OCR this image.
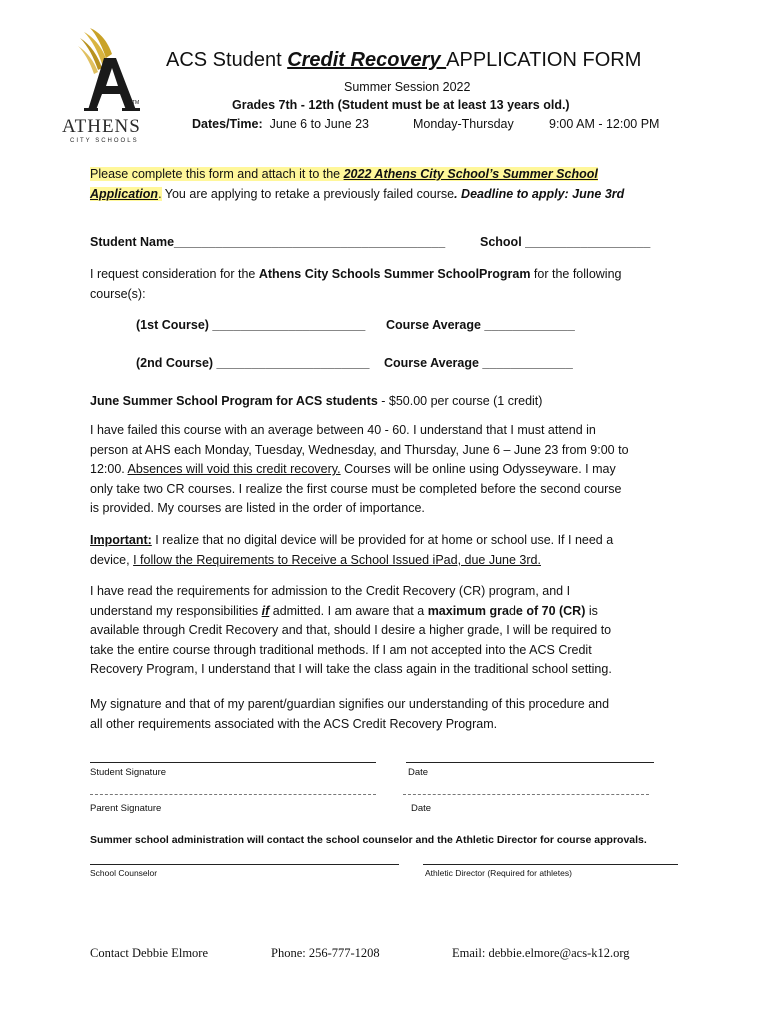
TM
ATHENS
CITY SCHOOLS
ACS Student Credit Recovery APPLICATION FORM
Summer Session 2022
Grades 7th - 12th (Student must be at least 13 years old.)
Dates/Time: June 6 to June 23	Monday-Thursday	9:00 AM - 12:00 PM
Please complete this form and attach it to the 2022 Athens City School’s Summer School
Application. You are applying to retake a previously failed course. Deadline to apply: June 3rd
Student Name_______________________________________	School __________________
I request consideration for the Athens City Schools Summer SchoolProgram for the following
course(s):
(1st Course) ______________________ Course Average _____________
(2nd Course) ______________________ Course Average _____________
June Summer School Program for ACS students - $50.00 per course (1 credit)
I have failed this course with an average between 40 - 60. I understand that I must attend in
person at AHS each Monday, Tuesday, Wednesday, and Thursday, June 6 – June 23 from 9:00 to
12:00. Absences will void this credit recovery. Courses will be online using Odysseyware. I may
only take two CR courses. I realize the first course must be completed before the second course
is provided. My courses are listed in the order of importance.
Important: I realize that no digital device will be provided for at home or school use. If I need a
device, I follow the Requirements to Receive a School Issued iPad, due June 3rd.
I have read the requirements for admission to the Credit Recovery (CR) program, and I
understand my responsibilities if admitted. I am aware that a maximum grade of 70 (CR) is
available through Credit Recovery and that, should I desire a higher grade, I will be required to
take the entire course through traditional methods. If I am not accepted into the ACS Credit
Recovery Program, I understand that I will take the class again in the traditional school setting.
My signature and that of my parent/guardian signifies our understanding of this procedure and
all other requirements associated with the ACS Credit Recovery Program.
Student Signature	Date
Parent Signature	Date
Summer school administration will contact the school counselor and the Athletic Director for course approvals.
School Counselor	Athletic Director (Required for athletes)
Contact Debbie Elmore	Phone: 256-777-1208	Email: debbie.elmore@acs-k12.org
